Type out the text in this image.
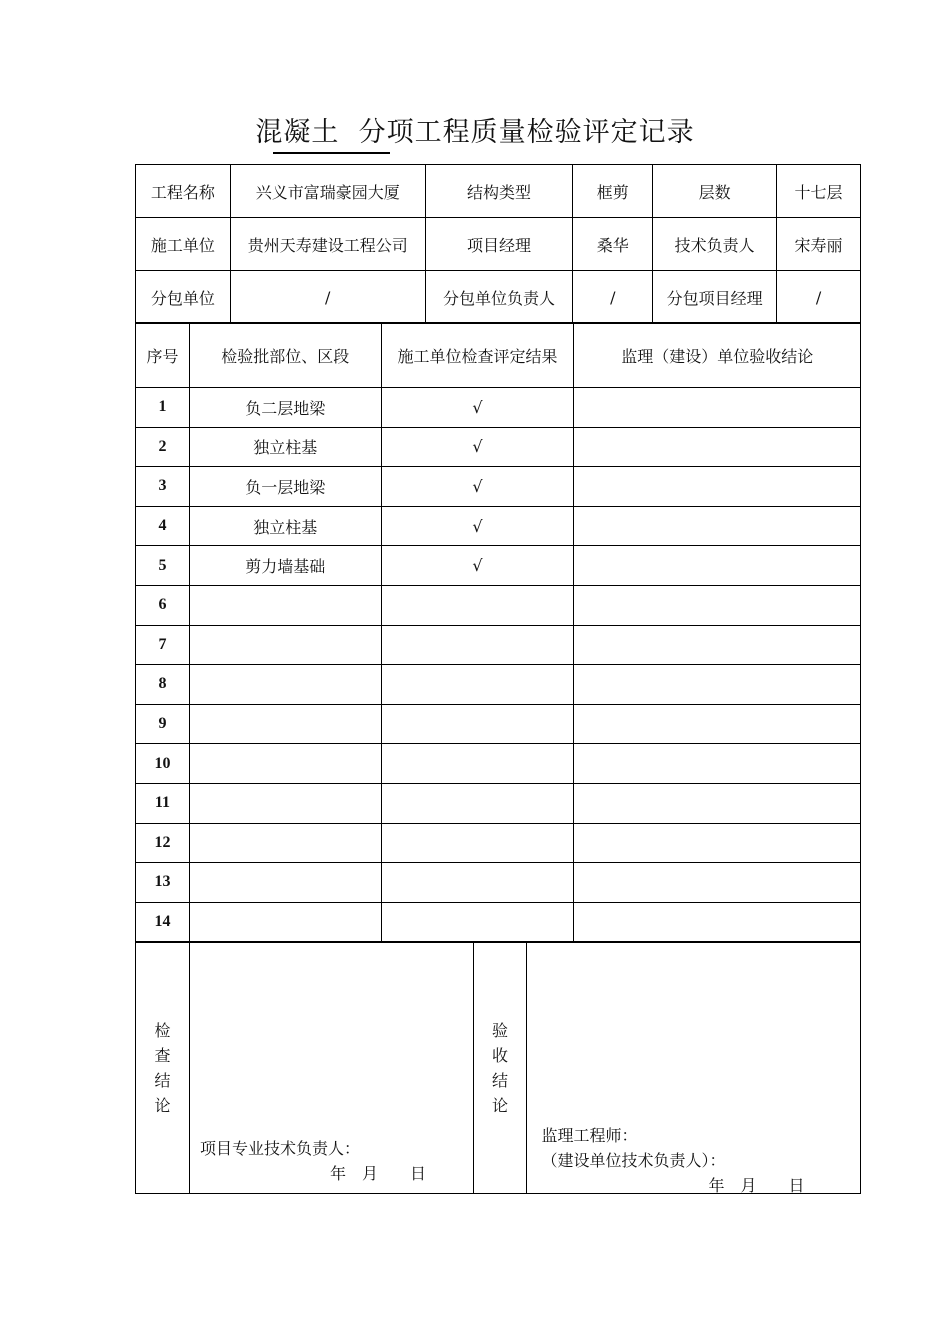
混凝土 分项工程质量检验评定记录
工程名称	兴义市富瑞豪园大厦	结构类型	框剪	层数	十七层
施工单位	贵州天寿建设工程公司	项目经理	桑华	技术负责人	宋寿丽
分包单位	/	分包单位负责人	/	分包项目经理	/
序号	检验批部位、区段	施工单位检查评定结果	监理（建设）单位验收结论
1	负二层地梁	√	
2	独立柱基	√	
3	负一层地梁	√	
4	独立柱基	√	
5	剪力墙基础	√	
6			
7			
8			
9			
10			
11			
12			
13			
14			
检查结论	
项目专业技术负责人：
年　月　　日
	验收结论	
监理工程师：
（建设单位技术负责人）：
年　月　　日
